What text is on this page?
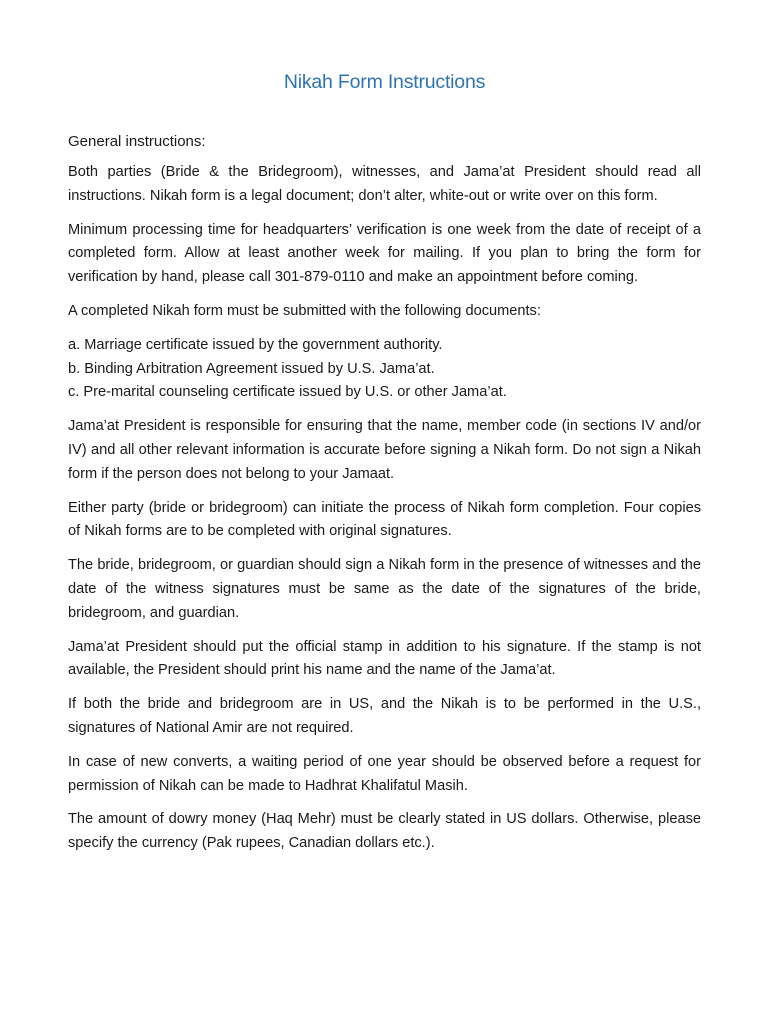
Nikah Form Instructions
General instructions:

Both parties (Bride & the Bridegroom), witnesses, and Jama’at President should read all instructions. Nikah form is a legal document; don’t alter, white-out or write over on this form.

Minimum processing time for headquarters’ verification is one week from the date of receipt of a completed form. Allow at least another week for mailing. If you plan to bring the form for verification by hand, please call 301-879-0110 and make an appointment before coming.

A completed Nikah form must be submitted with the following documents:

a. Marriage certificate issued by the government authority.
b. Binding Arbitration Agreement issued by U.S. Jama’at.
c. Pre-marital counseling certificate issued by U.S. or other Jama’at.

Jama’at President is responsible for ensuring that the name, member code (in sections IV and/or IV) and all other relevant information is accurate before signing a Nikah form. Do not sign a Nikah form if the person does not belong to your Jamaat.

Either party (bride or bridegroom) can initiate the process of Nikah form completion. Four copies of Nikah forms are to be completed with original signatures.

The bride, bridegroom, or guardian should sign a Nikah form in the presence of witnesses and the date of the witness signatures must be same as the date of the signatures of the bride, bridegroom, and guardian.

Jama’at President should put the official stamp in addition to his signature. If the stamp is not available, the President should print his name and the name of the Jama’at.

If both the bride and bridegroom are in US, and the Nikah is to be performed in the U.S., signatures of National Amir are not required.

In case of new converts, a waiting period of one year should be observed before a request for permission of Nikah can be made to Hadhrat Khalifatul Masih.

The amount of dowry money (Haq Mehr) must be clearly stated in US dollars. Otherwise, please specify the currency (Pak rupees, Canadian dollars etc.).
